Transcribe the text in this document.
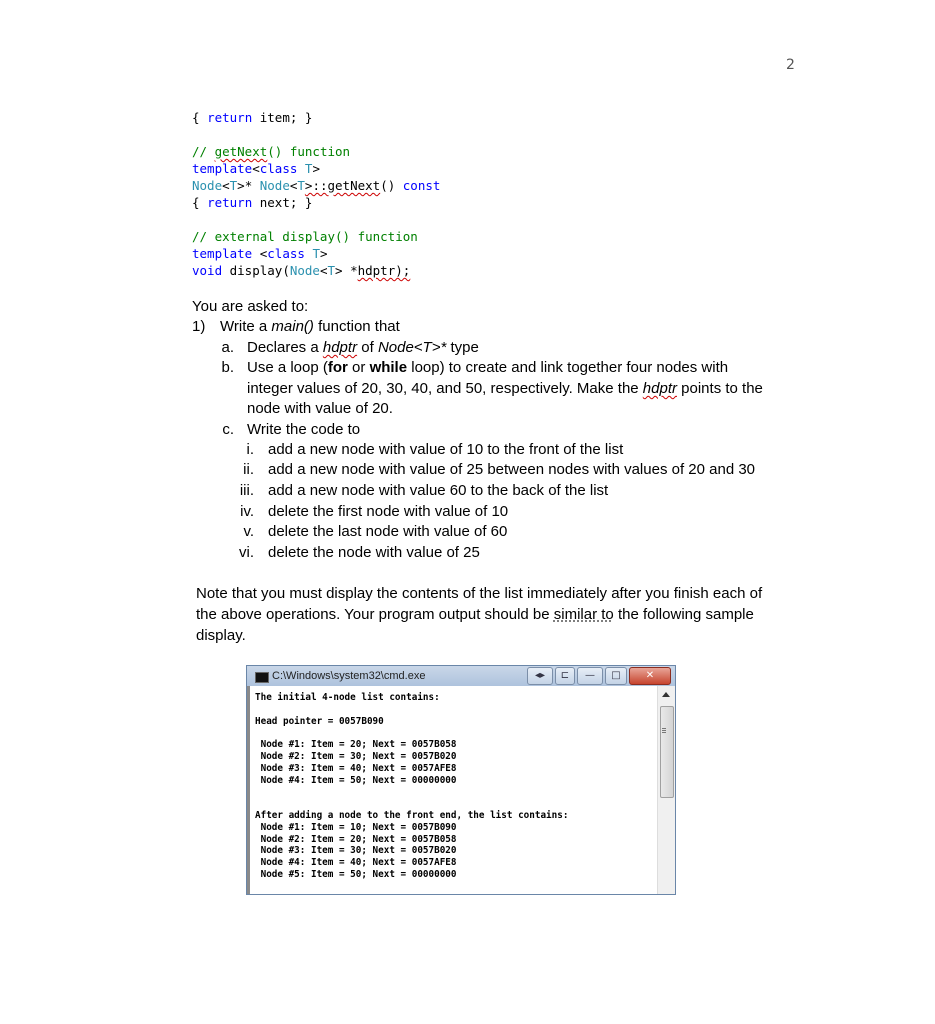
2
{ return item; }
// getNext() function
template<class T>
Node<T>* Node<T>::getNext() const
{ return next; }
// external display() function
template <class T>
void display(Node<T> *hdptr);
You are asked to:
1) Write a main() function that
a. Declares a hdptr of Node<T>* type
b. Use a loop (for or while loop) to create and link together four nodes with
integer values of 20, 30, 40, and 50, respectively. Make the hdptr points to the
node with value of 20.
c. Write the code to
i. add a new node with value of 10 to the front of the list
ii. add a new node with value of 25 between nodes with values of 20 and 30
iii. add a new node with value 60 to the back of the list
iv. delete the first node with value of 10
v. delete the last node with value of 60
vi. delete the node with value of 25
Note that you must display the contents of the list immediately after you finish each of
the above operations. Your program output should be similar to the following sample
display.
C:\Windows\system32\cmd.exe	◂▸	⊏	—	□	✕
The initial 4-node list contains:
Head pointer = 0057B090
Node #1: Item = 20; Next = 0057B058
Node #2: Item = 30; Next = 0057B020
Node #3: Item = 40; Next = 0057AFE8
Node #4: Item = 50; Next = 00000000
After adding a node to the front end, the list contains:
Node #1: Item = 10; Next = 0057B090
Node #2: Item = 20; Next = 0057B058
Node #3: Item = 30; Next = 0057B020
Node #4: Item = 40; Next = 0057AFE8
Node #5: Item = 50; Next = 00000000
